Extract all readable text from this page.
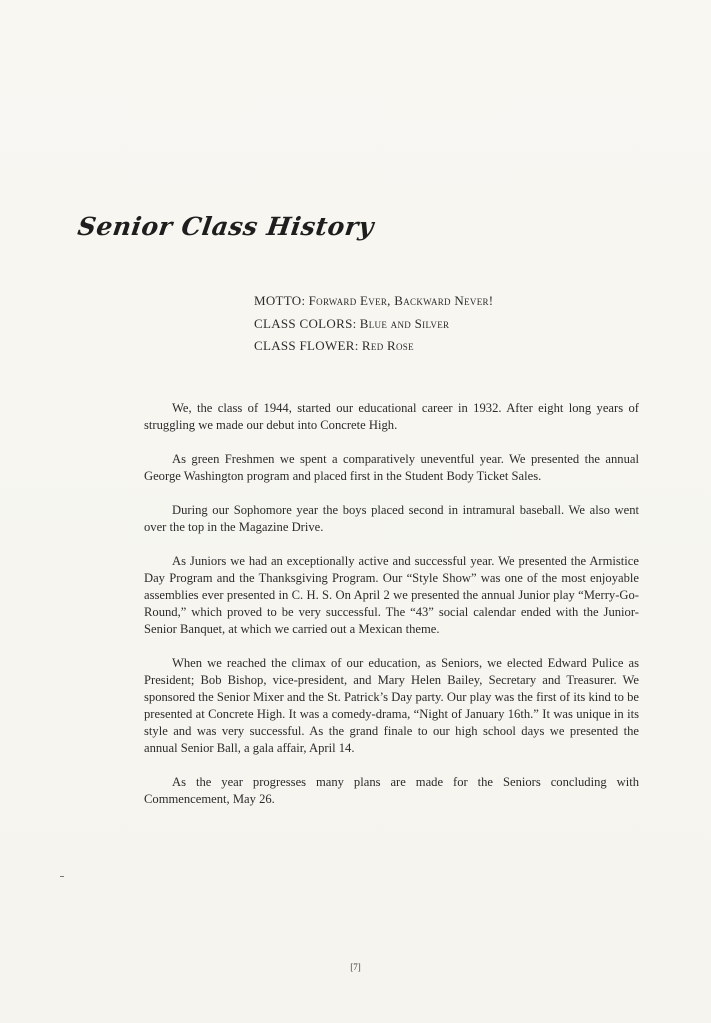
Senior Class History
MOTTO: Forward Ever, Backward Never!
CLASS COLORS: Blue and Silver
CLASS FLOWER: Red Rose

We, the class of 1944, started our educational career in 1932. After eight long years of struggling we made our debut into Concrete High.

As green Freshmen we spent a comparatively uneventful year. We presented the annual George Washington program and placed first in the Student Body Ticket Sales.

During our Sophomore year the boys placed second in intramural baseball. We also went over the top in the Magazine Drive.

As Juniors we had an exceptionally active and successful year. We presented the Armistice Day Program and the Thanksgiving Program. Our “Style Show” was one of the most enjoyable assemblies ever presented in C. H. S. On April 2 we presented the annual Junior play “Merry-Go-Round,” which proved to be very successful. The “43” social calendar ended with the Junior-Senior Banquet, at which we carried out a Mexican theme.

When we reached the climax of our education, as Seniors, we elected Edward Pulice as President; Bob Bishop, vice-president, and Mary Helen Bailey, Secretary and Treasurer. We sponsored the Senior Mixer and the St. Patrick’s Day party. Our play was the first of its kind to be presented at Concrete High. It was a comedy-drama, “Night of January 16th.” It was unique in its style and was very successful. As the grand finale to our high school days we presented the annual Senior Ball, a gala affair, April 14.

As the year progresses many plans are made for the Seniors concluding with Commencement, May 26.

[7]
